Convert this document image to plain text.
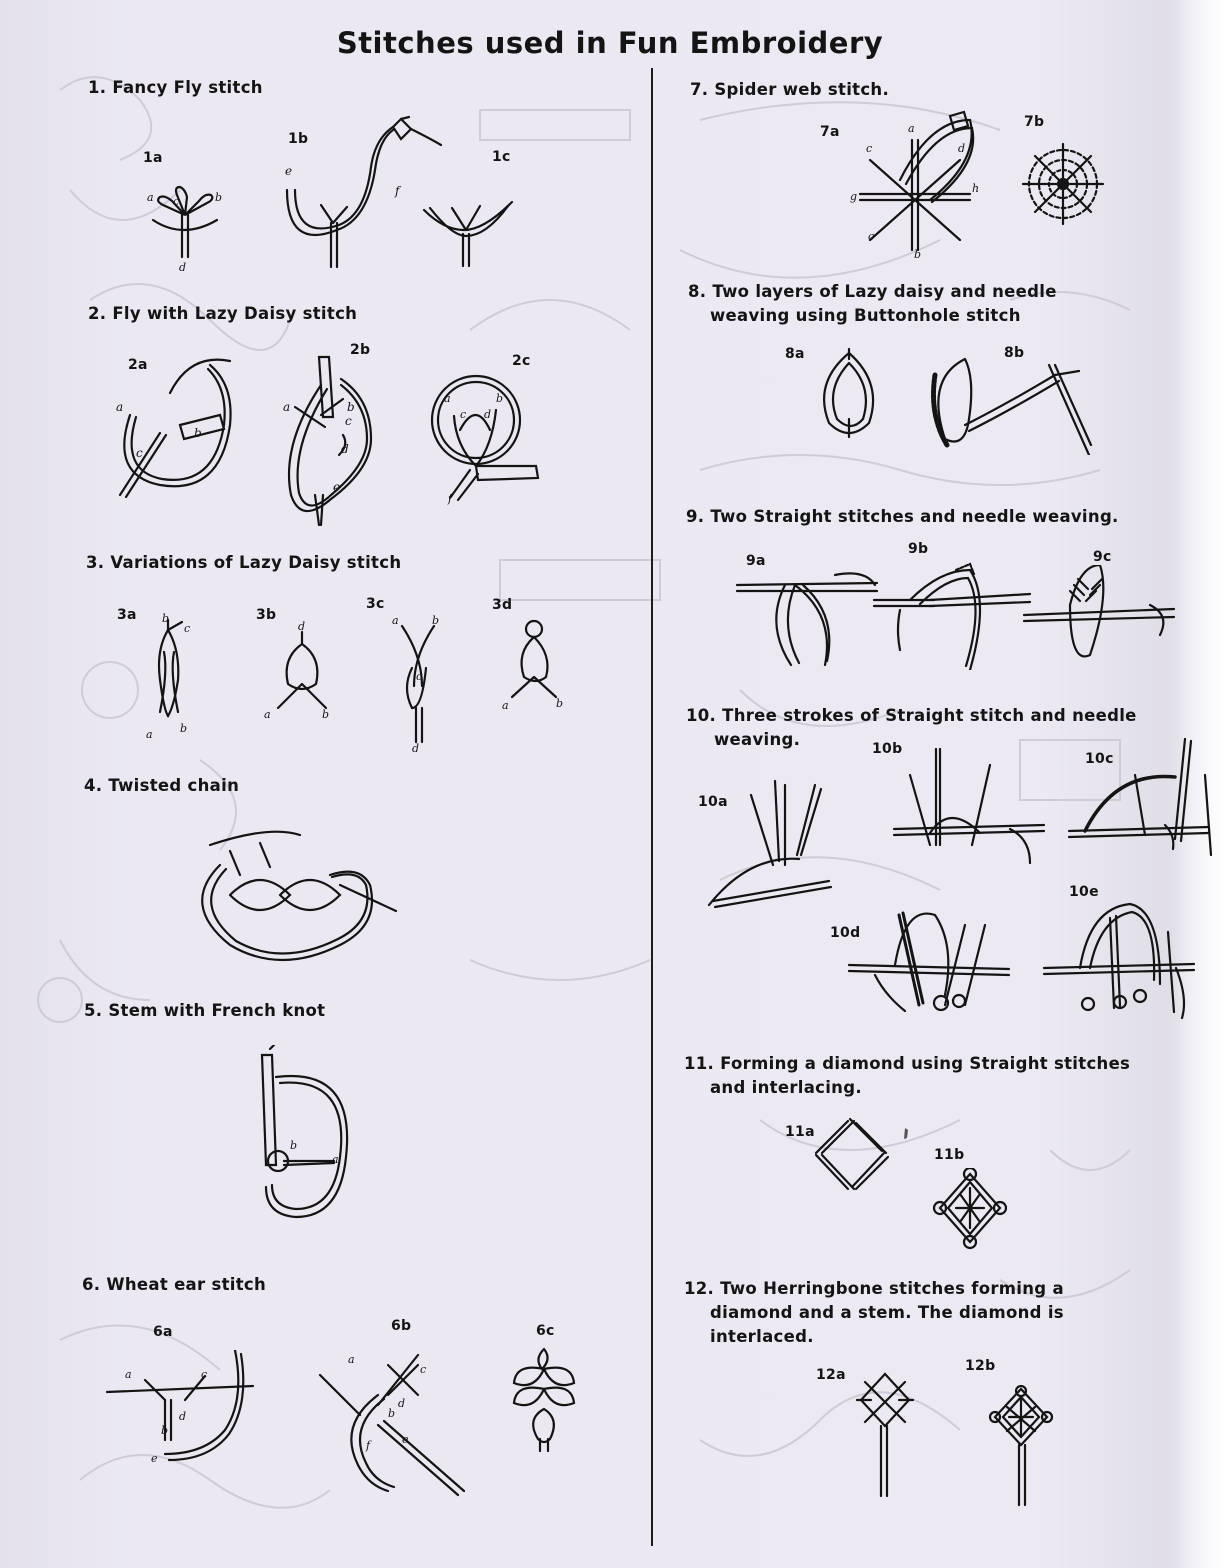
Stitches used in Fun Embroidery
1. Fancy Fly stitch
1a
1b
1c
a	b
c
d
e
f
2. Fly with Lazy Daisy stitch
2a
2b
2c
a
b
c
a	b
c
d
e
a	b
c d
f
3. Variations of Lazy Daisy stitch
3a	3b
3c	3d
b
c
a b
d
a	b
a	b
c
d
a	b
4. Twisted chain
5. Stem with French knot
b
a
6. Wheat ear stitch
6a	6b	6c
a	c
b
d
e
a
c
b
d
f	e
7. Spider web stitch.
7a
7b
a
c	d
g
h
c
b
8. Two layers of Lazy daisy and needle
weaving using Buttonhole stitch
8a	8b
9. Two Straight stitches and needle weaving.
9a
9b	9c
10. Three strokes of Straight stitch and needle
weaving.	10b
10c
10a
10e
10d
11. Forming a diamond using Straight stitches
and interlacing.
11a
11b
12. Two Herringbone stitches forming a
diamond and a stem. The diamond is
interlaced.
12a
12b
